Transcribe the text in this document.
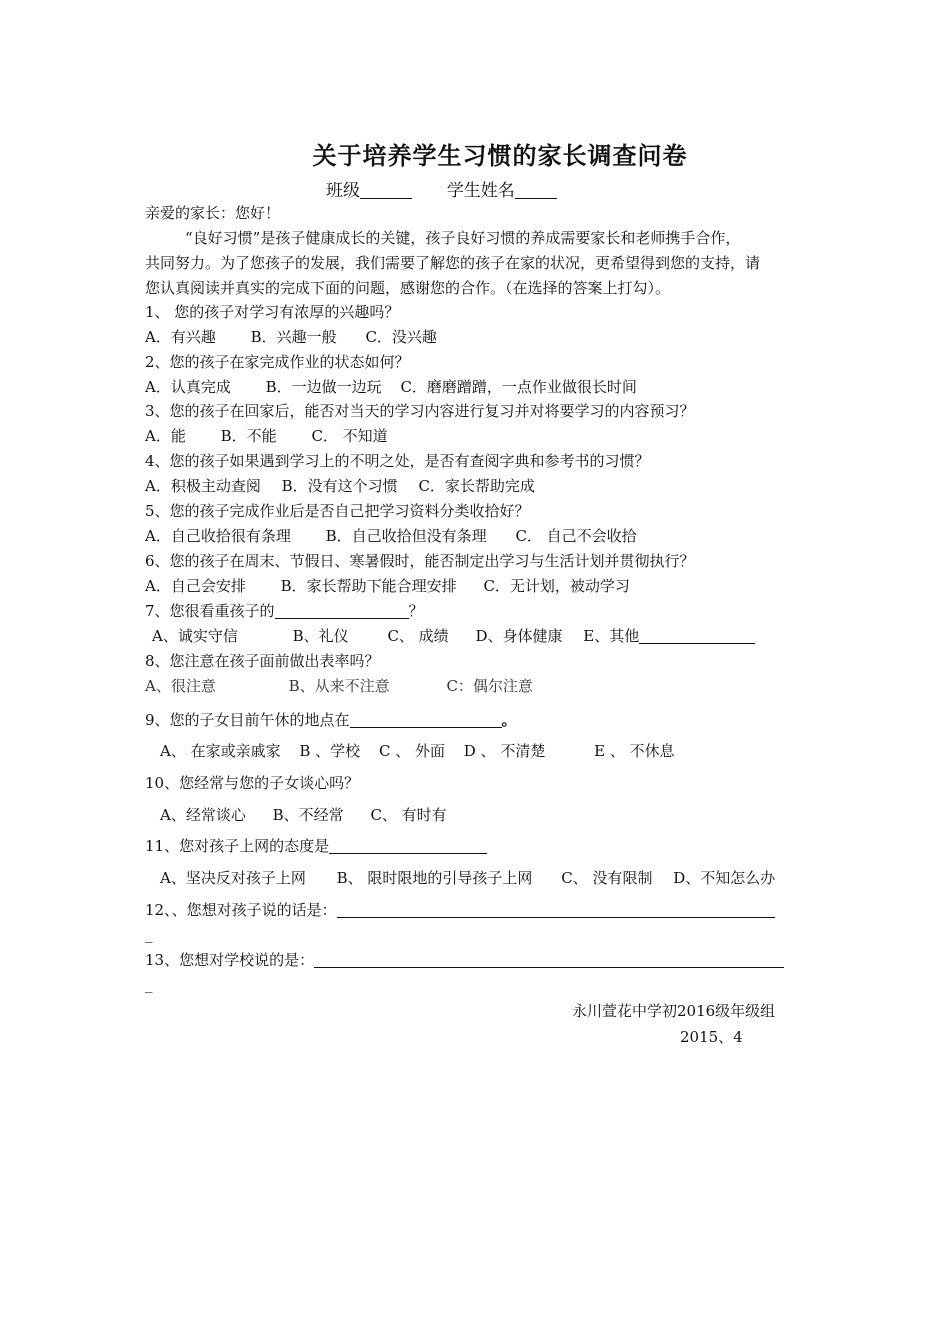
关于培养学生习惯的家长调查问卷
班级	学生姓名
亲爱的家长：您好！
“良好习惯”是孩子健康成长的关键，孩子良好习惯的养成需要家长和老师携手合作，
共同努力。为了您孩子的发展，我们需要了解您的孩子在家的状况，更希望得到您的支持，请
您认真阅读并真实的完成下面的问题，感谢您的合作。（在选择的答案上打勾）。
1、 您的孩子对学习有浓厚的兴趣吗？
A．有兴趣 B．兴趣一般 C．没兴趣
2、您的孩子在家完成作业的状态如何？
A．认真完成 B．一边做一边玩 C．磨磨蹭蹭，一点作业做很长时间
3、您的孩子在回家后，能否对当天的学习内容进行复习并对将要学习的内容预习？
A．能 B．不能 C． 不知道
4、您的孩子如果遇到学习上的不明之处，是否有查阅字典和参考书的习惯？
A．积极主动查阅 B．没有这个习惯 C．家长帮助完成
5、您的孩子完成作业后是否自己把学习资料分类收拾好？
A．自己收拾很有条理 B．自己收拾但没有条理 C． 自己不会收拾
6、您的孩子在周末、节假日、寒暑假时，能否制定出学习与生活计划并贯彻执行？
A．自己会安排 B．家长帮助下能合理安排 C．无计划，被动学习
7、您很看重孩子的	？
A、诚实守信	B、礼仪	C、 成绩 D、身体健康 E、其他
8、您注意在孩子面前做出表率吗？
A、很注意	B、从来不注意	C：偶尔注意
9、您的子女目前午休的地点在	。
A、 在家或亲戚家 B 、学校 C 、 外面 D 、 不清楚	E 、 不休息
10、您经常与您的子女谈心吗？
A、经常谈心 B、不经常 C、 有时有
11、您对孩子上网的态度是
A、坚决反对孩子上网 B、 限时限地的引导孩子上网 C、 没有限制 D、不知怎么办
12、、您想对孩子说的话是：
_
13、您想对学校说的是：
_
永川萱花中学初2016级年级组
2015、4
